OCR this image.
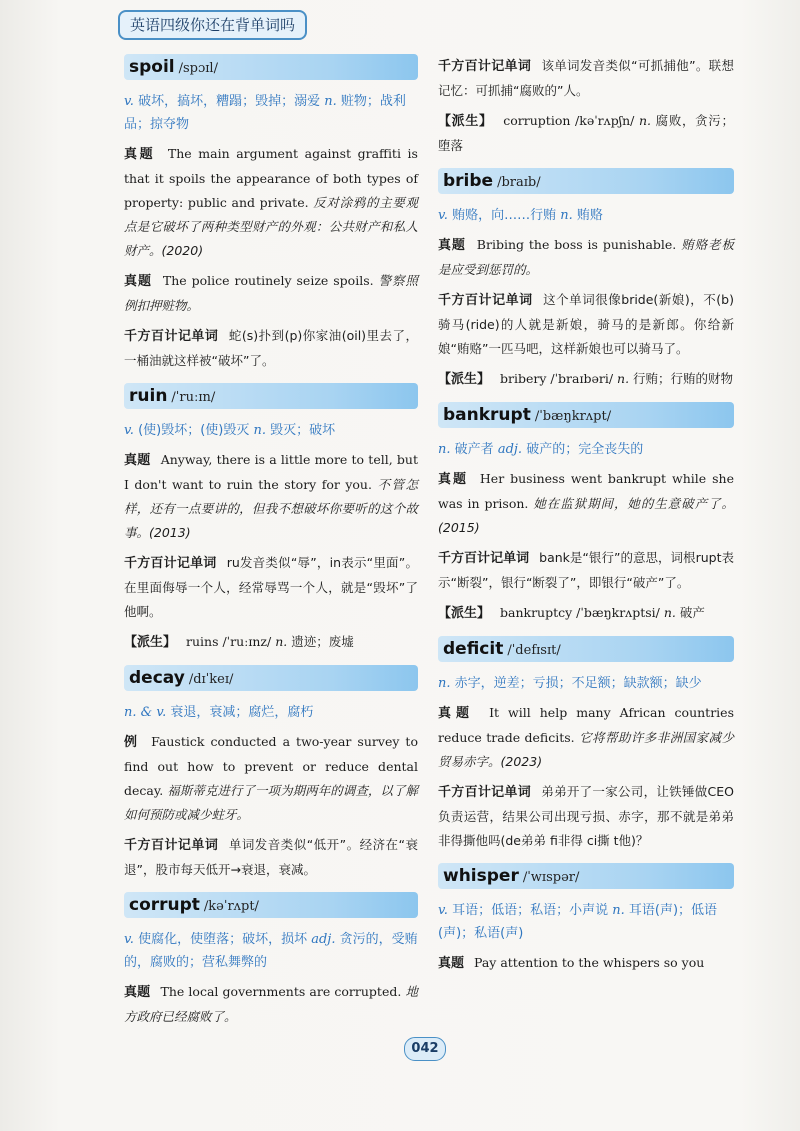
英语四级你还在背单词吗
spoil /spɔɪl/
v. 破坏，搞坏，糟蹋；毁掉；溺爱 n. 赃物；战利品；掠夺物
真题 The main argument against graffiti is that it spoils the appearance of both types of property: public and private. 反对涂鸦的主要观点是它破坏了两种类型财产的外观：公共财产和私人财产。(2020)
真题 The police routinely seize spoils. 警察照例扣押赃物。
千方百计记单词 蛇(s)扑到(p)你家油(oil)里去了，一桶油就这样被“破坏”了。
ruin /ˈruːɪn/
v. (使)毁坏；(使)毁灭 n. 毁灭；破坏
真题 Anyway, there is a little more to tell, but I don't want to ruin the story for you. 不管怎样，还有一点要讲的，但我不想破坏你要听的这个故事。(2013)
千方百计记单词 ru发音类似“辱”，in表示“里面”。在里面侮辱一个人，经常辱骂一个人，就是“毁坏”了他啊。
【派生】 ruins /ˈruːɪnz/ n. 遗迹；废墟
decay /dɪˈkeɪ/
n. & v. 衰退，衰减；腐烂，腐朽
例 Faustick conducted a two-year survey to find out how to prevent or reduce dental decay. 福斯蒂克进行了一项为期两年的调查，以了解如何预防或减少蛀牙。
千方百计记单词 单词发音类似“低开”。经济在“衰退”，股市每天低开→衰退，衰减。
corrupt /kəˈrʌpt/
v. 使腐化，使堕落；破坏，损坏 adj. 贪污的，受贿的，腐败的；营私舞弊的
真题 The local governments are corrupted. 地方政府已经腐败了。
千方百计记单词 该单词发音类似“可抓捕他”。联想记忆：可抓捕“腐败的”人。
【派生】 corruption /kəˈrʌpʃn/ n. 腐败，贪污；堕落
bribe /braɪb/
v. 贿赂，向……行贿 n. 贿赂
真题 Bribing the boss is punishable. 贿赂老板是应受到惩罚的。
千方百计记单词 这个单词很像bride(新娘)，不(b)骑马(ride)的人就是新娘，骑马的是新郎。你给新娘“贿赂”一匹马吧，这样新娘也可以骑马了。
【派生】 bribery /ˈbraɪbəri/ n. 行贿；行贿的财物
bankrupt /ˈbæŋkrʌpt/
n. 破产者 adj. 破产的；完全丧失的
真题 Her business went bankrupt while she was in prison. 她在监狱期间，她的生意破产了。(2015)
千方百计记单词 bank是“银行”的意思，词根rupt表示“断裂”，银行“断裂了”，即银行“破产”了。
【派生】 bankruptcy /ˈbæŋkrʌptsi/ n. 破产
deficit /ˈdefɪsɪt/
n. 赤字，逆差；亏损；不足额；缺款额；缺少
真题 It will help many African countries reduce trade deficits. 它将帮助许多非洲国家减少贸易赤字。(2023)
千方百计记单词 弟弟开了一家公司，让铁锤做CEO负责运营，结果公司出现亏损、赤字，那不就是弟弟非得撕他吗(de弟弟 fi非得 ci撕 t他)？
whisper /ˈwɪspər/
v. 耳语；低语；私语；小声说 n. 耳语(声)；低语(声)；私语(声)
真题 Pay attention to the whispers so you
042
